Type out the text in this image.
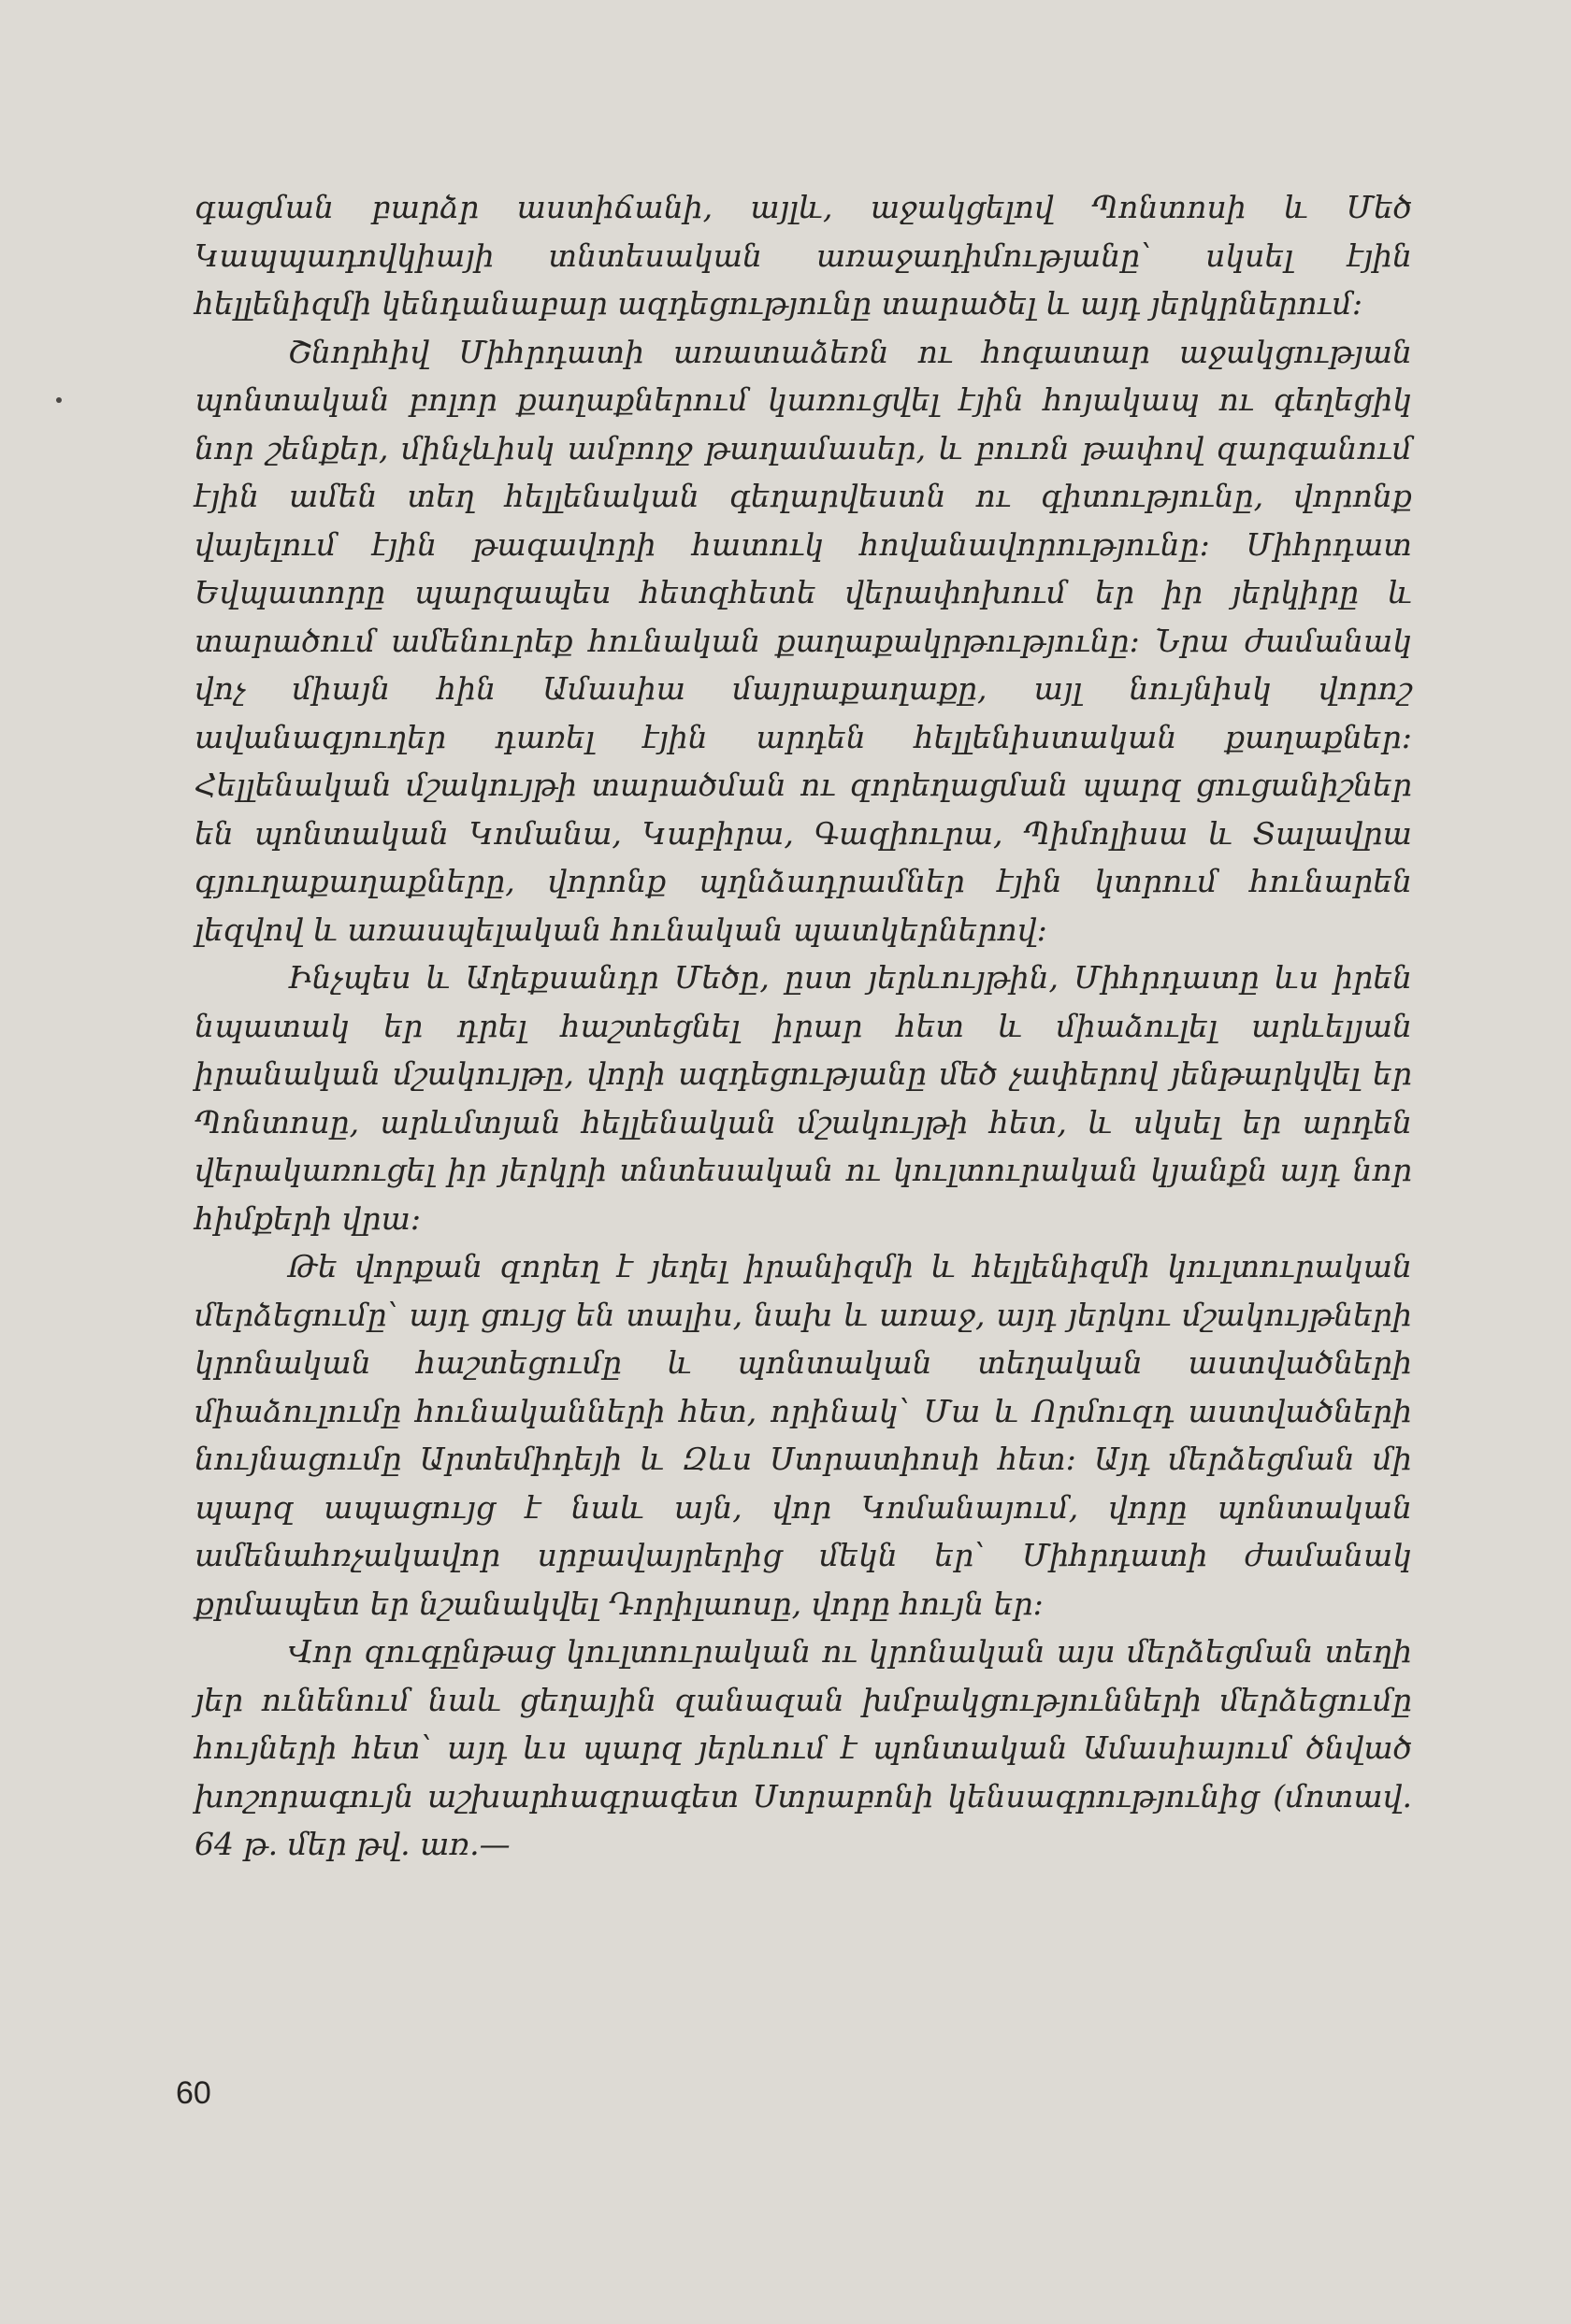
գացման բարձր աստիճանի, այլև, աջակցելով Պոնտոսի և Մեծ Կապպադովկիայի տնտեսական առաջադիմությանը՝ սկսել էյին հելլենիզմի կենդանաբար ազդեցությունը տարածել և այդ յերկրներում։

Շնորհիվ Միհրդատի առատաձեռն ու հոգատար աջակցության պոնտական բոլոր քաղաքներում կառուցվել էյին հոյակապ ու գեղեցիկ նոր շենքեր, մինչևիսկ ամբողջ թաղամասեր, և բուռն թափով զարգանում էյին ամեն տեղ հելլենական գեղարվեստն ու գիտությունը, վորոնք վայելում էյին թագավորի հատուկ հովանավորությունը։ Միհրդատ Եվպատորը պարզապես հետզհետե վերափոխում եր իր յերկիրը և տարածում ամենուրեք հունական քաղաքակրթությունը։ Նրա ժամանակ վոչ միայն հին Ամասիա մայրաքաղաքը, այլ նույնիսկ վորոշ ավանագյուղեր դառել էյին արդեն հելլենիստական քաղաքներ։ Հելլենական մշակույթի տարածման ու զորեղացման պարզ ցուցանիշներ են պոնտական Կոմանա, Կաբիրա, Գազիուրա, Պիմոլիսա և Տալավրա գյուղաքաղաքները, վորոնք պղնձադրամներ էյին կտրում հունարեն լեզվով և առասպելական հունական պատկերներով։

Ինչպես և Աղեքսանդր Մեծը, ըստ յերևույթին, Միհրդատը ևս իրեն նպատակ եր դրել հաշտեցնել իրար հետ և միաձուլել արևելյան իրանական մշակույթը, վորի ազդեցությանը մեծ չափերով յենթարկվել եր Պոնտոսը, արևմտյան հելլենական մշակույթի հետ, և սկսել եր արդեն վերակառուցել իր յերկրի տնտեսական ու կուլտուրական կյանքն այդ նոր հիմքերի վրա։

Թե վորքան զորեղ է յեղել իրանիզմի և հելլենիզմի կուլտուրական մերձեցումը՝ այդ ցույց են տալիս, նախ և առաջ, այդ յերկու մշակույթների կրոնական հաշտեցումը և պոնտական տեղական աստվածների միաձուլումը հունականների հետ, որինակ՝ Մա և Որմուզդ աստվածների նույնացումը Արտեմիդեյի և Զևս Ստրատիոսի հետ։ Այդ մերձեցման մի պարզ ապացույց է նաև այն, վոր Կոմանայում, վորը պոնտական ամենահռչակավոր սրբավայրերից մեկն եր՝ Միհրդատի ժամանակ քրմապետ եր նշանակվել Դորիլաոսը, վորը հույն եր։

Վոր զուգընթաց կուլտուրական ու կրոնական այս մերձեցման տեղի յեր ունենում նաև ցեղային զանազան խմբակցությունների մերձեցումը հույների հետ՝ այդ ևս պարզ յերևում է պոնտական Ամասիայում ծնված խոշորագույն աշխարհագրագետ Ստրաբոնի կենսագրությունից (մոտավ. 64 թ. մեր թվ. առ.—

60
